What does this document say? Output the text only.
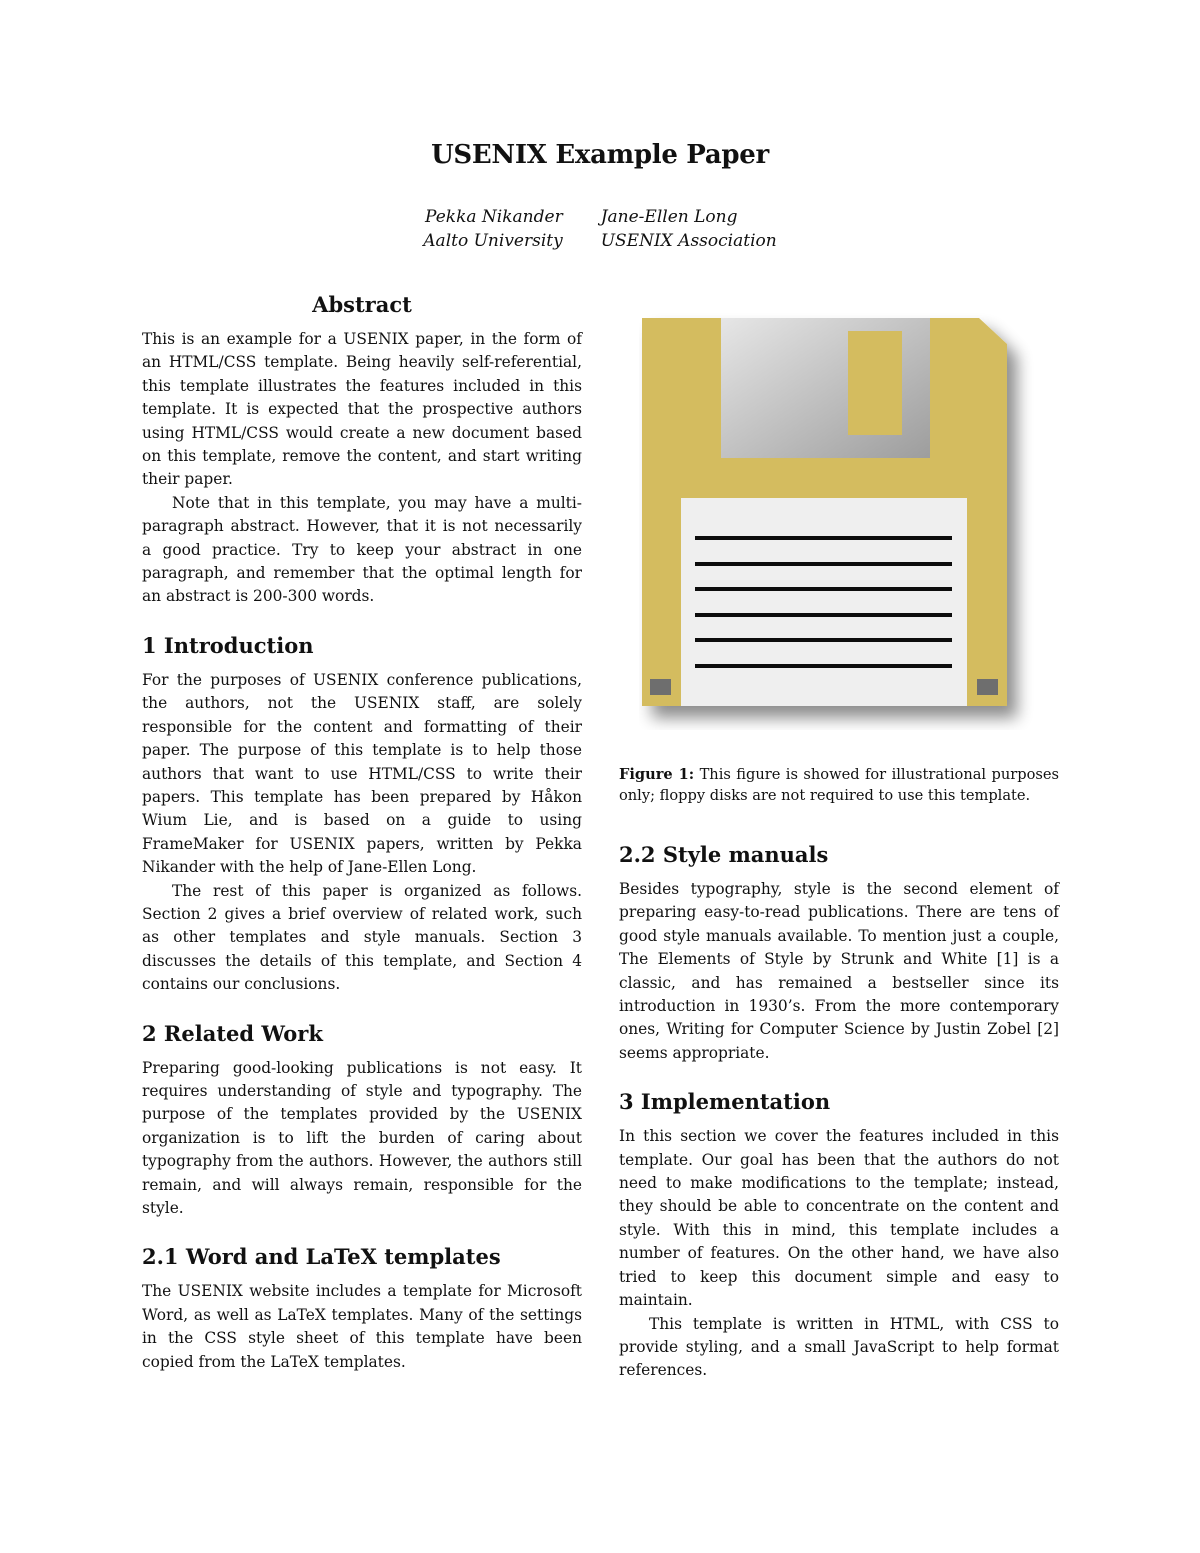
USENIX Example Paper
Pekka Nikander
Aalto University
Jane-Ellen Long
USENIX Association
Abstract

This is an example for a USENIX paper, in the form of an HTML/CSS template. Being heavily self-referential, this template illustrates the features included in this template. It is expected that the prospective authors using HTML/CSS would create a new document based on this template, remove the content, and start writing their paper.

Note that in this template, you may have a multi-paragraph abstract. However, that it is not necessarily a good practice. Try to keep your abstract in one paragraph, and remember that the optimal length for an abstract is 200-300 words.

1 Introduction

For the purposes of USENIX conference publications, the authors, not the USENIX staff, are solely responsible for the content and formatting of their paper. The purpose of this template is to help those authors that want to use HTML/CSS to write their papers. This template has been prepared by Håkon Wium Lie, and is based on a guide to using FrameMaker for USENIX papers, written by Pekka Nikander with the help of Jane-Ellen Long.

The rest of this paper is organized as follows. Section 2 gives a brief overview of related work, such as other templates and style manuals. Section 3 discusses the details of this template, and Section 4 contains our conclusions.

2 Related Work

Preparing good-looking publications is not easy. It requires understanding of style and typography. The purpose of the templates provided by the USENIX organization is to lift the burden of caring about typography from the authors. However, the authors still remain, and will always remain, responsible for the style.

2.1 Word and LaTeX templates

The USENIX website includes a template for Microsoft Word, as well as LaTeX templates. Many of the settings in the CSS style sheet of this template have been copied from the LaTeX templates.

Figure 1: This figure is showed for illustrational purposes only; floppy disks are not required to use this template.
2.2 Style manuals

Besides typography, style is the second element of preparing easy-to-read publications. There are tens of good style manuals available. To mention just a couple, The Elements of Style by Strunk and White [1] is a classic, and has remained a bestseller since its introduction in 1930’s. From the more contemporary ones, Writing for Computer Science by Justin Zobel [2] seems appropriate.

3 Implementation

In this section we cover the features included in this template. Our goal has been that the authors do not need to make modifications to the template; instead, they should be able to concentrate on the content and style. With this in mind, this template includes a number of features. On the other hand, we have also tried to keep this document simple and easy to maintain.

This template is written in HTML, with CSS to provide styling, and a small JavaScript to help format references.
